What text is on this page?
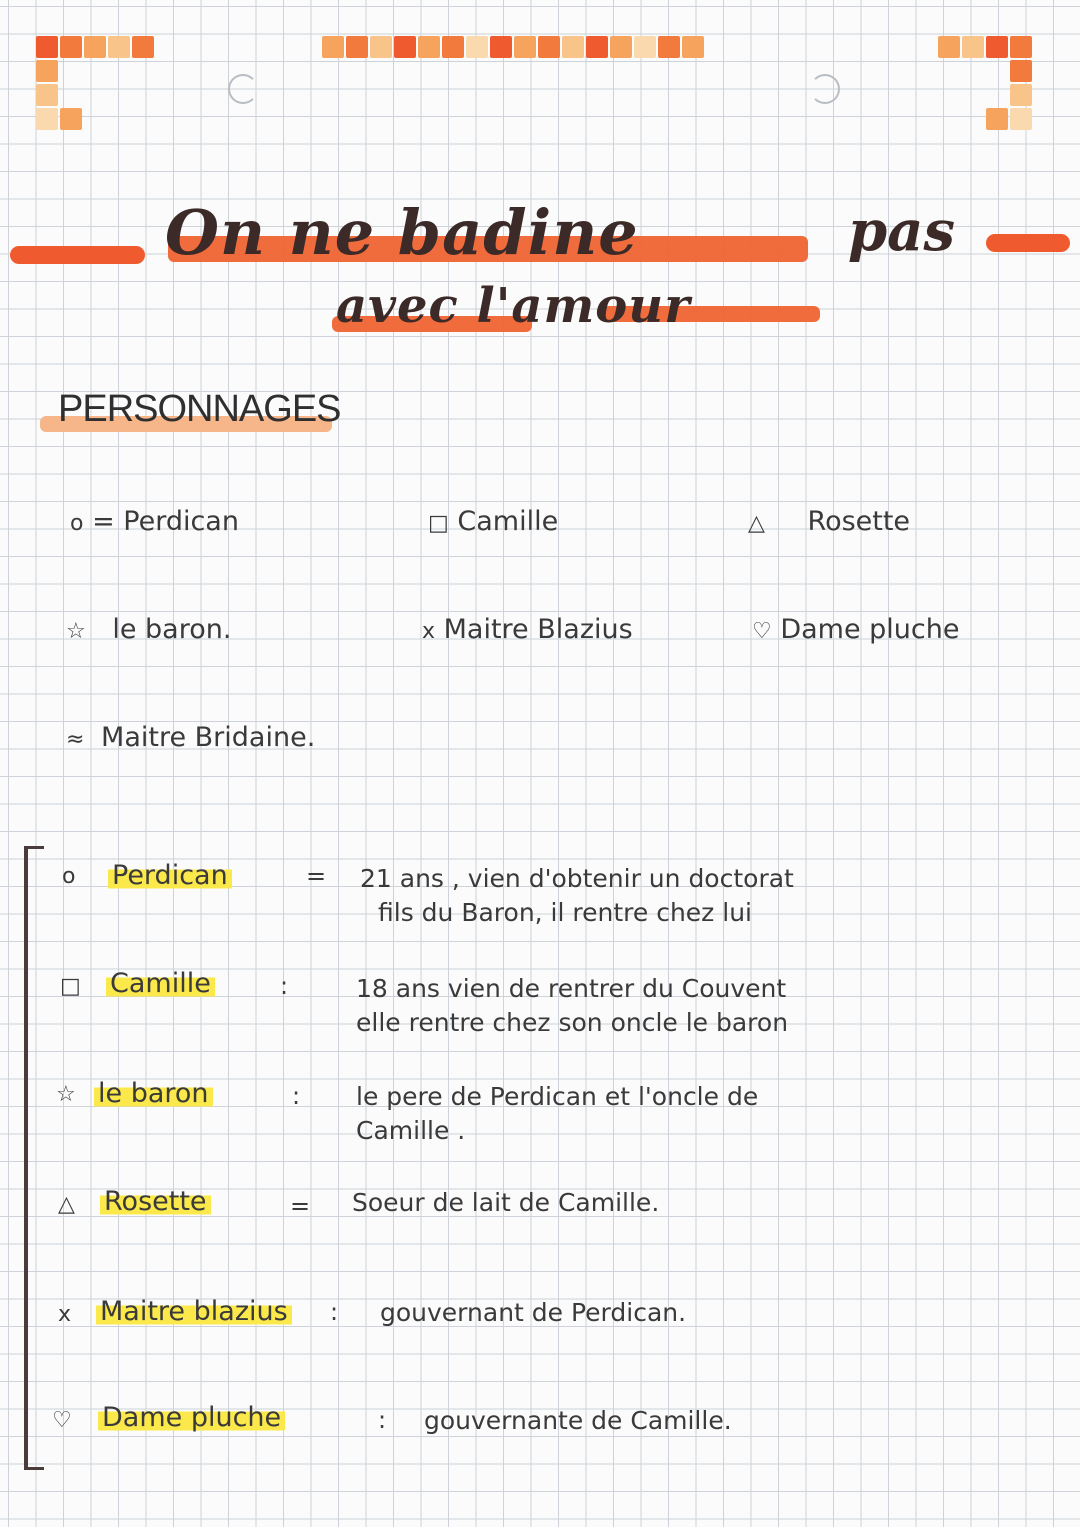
On ne badine	pas
avec l'amour
PERSONNAGES
o = Perdican	□ Camille	△ Rosette
☆ le baron.	x Maitre Blazius	♡ Dame pluche
≈ Maitre Bridaine.
o Perdican	= 21 ans , vien d'obtenir un doctorat
fils du Baron, il rentre chez lui
□ Camille	:	18 ans vien de rentrer du Couvent
elle rentre chez son oncle le baron
☆ le baron	: le pere de Perdican et l'oncle de
Camille .
△ Rosette	= Soeur de lait de Camille.
x Maitre blazius : gouvernant de Perdican.
♡ Dame pluche	: gouvernante de Camille.
